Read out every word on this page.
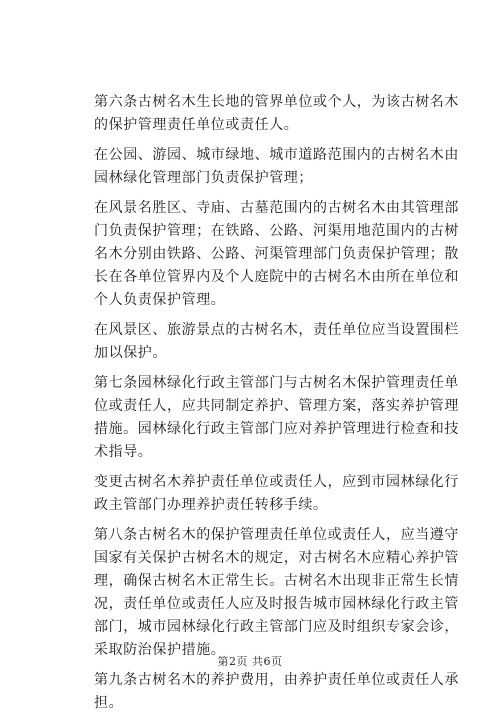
第六条古树名木生长地的管界单位或个人，为该古树名木的保护管理责任单位或责任人。

在公园、游园、城市绿地、城市道路范围内的古树名木由园林绿化管理部门负责保护管理；

在风景名胜区、寺庙、古墓范围内的古树名木由其管理部门负责保护管理；在铁路、公路、河渠用地范围内的古树名木分别由铁路、公路、河渠管理部门负责保护管理；散长在各单位管界内及个人庭院中的古树名木由所在单位和个人负责保护管理。

在风景区、旅游景点的古树名木，责任单位应当设置围栏加以保护。

第七条园林绿化行政主管部门与古树名木保护管理责任单位或责任人，应共同制定养护、管理方案，落实养护管理措施。园林绿化行政主管部门应对养护管理进行检查和技术指导。

变更古树名木养护责任单位或责任人，应到市园林绿化行政主管部门办理养护责任转移手续。

第八条古树名木的保护管理责任单位或责任人，应当遵守国家有关保护古树名木的规定，对古树名木应精心养护管理，确保古树名木正常生长。古树名木出现非正常生长情况，责任单位或责任人应及时报告城市园林绿化行政主管部门，城市园林绿化行政主管部门应及时组织专家会诊，采取防治保护措施。

第九条古树名木的养护费用，由养护责任单位或责任人承担。

第2页 共6页
